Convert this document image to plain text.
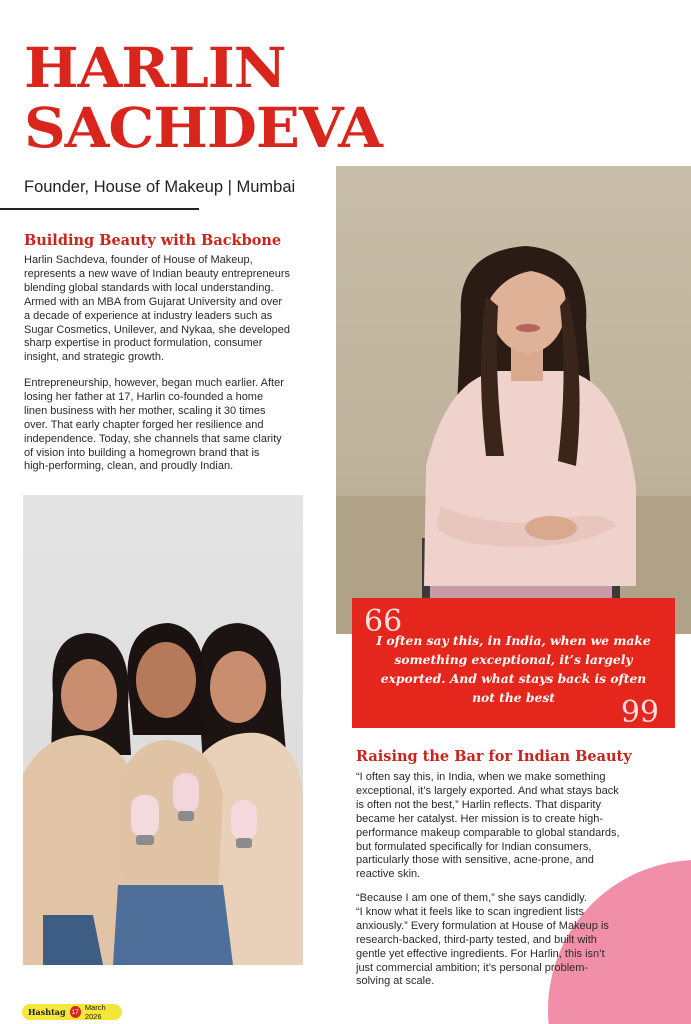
HARLIN
SACHDEVA
Founder, House of Makeup | Mumbai
Building Beauty with Backbone
Harlin Sachdeva, founder of House of Makeup,
represents a new wave of Indian beauty entrepreneurs
blending global standards with local understanding.
Armed with an MBA from Gujarat University and over
a decade of experience at industry leaders such as
Sugar Cosmetics, Unilever, and Nykaa, she developed
sharp expertise in product formulation, consumer
insight, and strategic growth.
Entrepreneurship, however, began much earlier. After
losing her father at 17, Harlin co-founded a home
linen business with her mother, scaling it 30 times
over. That early chapter forged her resilience and
independence. Today, she channels that same clarity
of vision into building a homegrown brand that is
high-performing, clean, and proudly Indian.
66
I often say this, in India, when we make
something exceptional, it’s largely
exported. And what stays back is often
not the best	99
Raising the Bar for Indian Beauty
“I often say this, in India, when we make something
exceptional, it’s largely exported. And what stays back
is often not the best,” Harlin reflects. That disparity
became her catalyst. Her mission is to create high-
performance makeup comparable to global standards,
but formulated specifically for Indian consumers,
particularly those with sensitive, acne-prone, and
reactive skin.
“Because I am one of them,” she says candidly.
“I know what it feels like to scan ingredient lists
anxiously.” Every formulation at House of Makeup is
research-backed, third-party tested, and built with
gentle yet effective ingredients. For Harlin, this isn’t
just commercial ambition; it’s personal problem-
solving at scale.
Hashtag 17 March 2026
